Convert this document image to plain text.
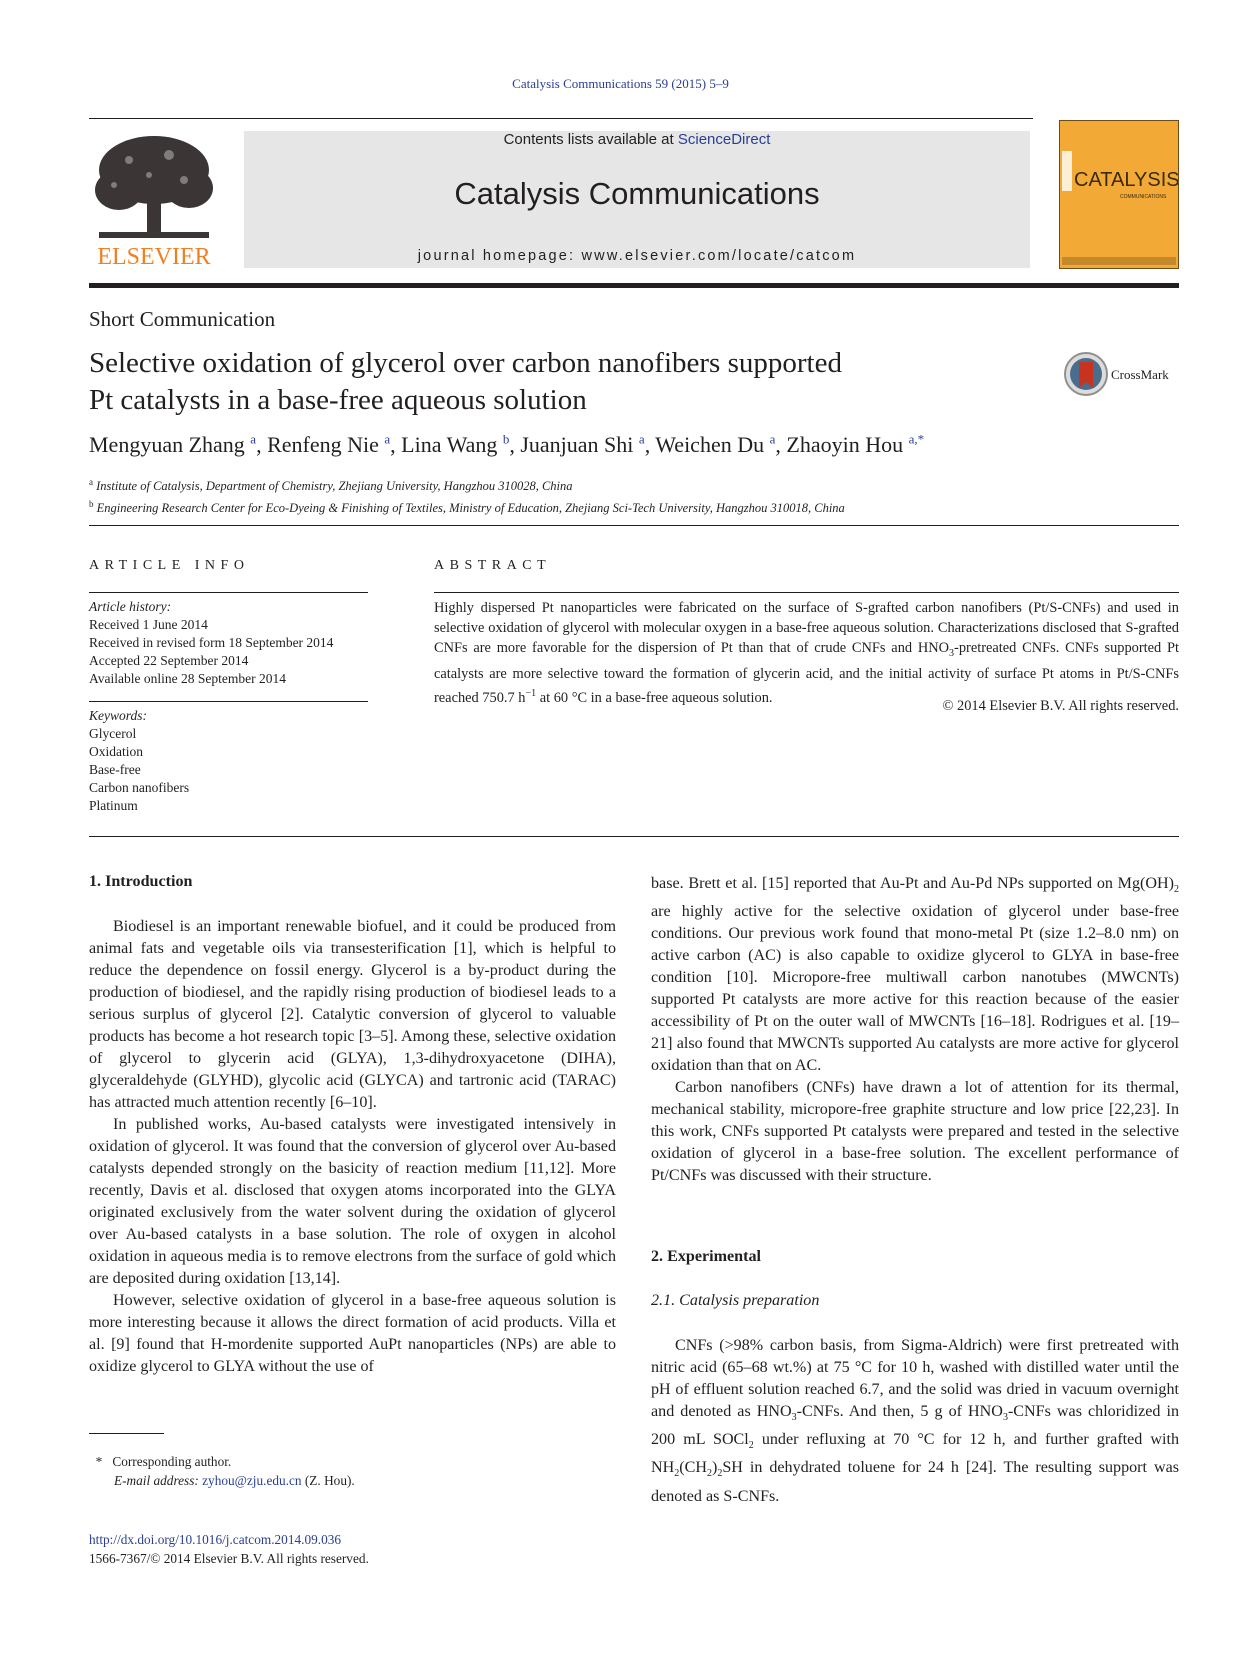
Catalysis Communications 59 (2015) 5–9
ELSEVIER
Contents lists available at ScienceDirect
Catalysis Communications
journal homepage: www.elsevier.com/locate/catcom
CATALYSIS
COMMUNICATIONS
Short Communication
Selective oxidation of glycerol over carbon nanofibers supported
Pt catalysts in a base-free aqueous solution
CrossMark
Mengyuan Zhang $^a$, Renfeng Nie $^a$, Lina Wang $^b$, Juanjuan Shi $^a$, Weichen Du $^a$, Zhaoyin Hou $^{a,*}$
$^a$ Institute of Catalysis, Department of Chemistry, Zhejiang University, Hangzhou 310028, China
$^b$ Engineering Research Center for Eco-Dyeing & Finishing of Textiles, Ministry of Education, Zhejiang Sci-Tech University, Hangzhou 310018, China
ARTICLE INFO
Article history:
Received 1 June 2014
Received in revised form 18 September 2014
Accepted 22 September 2014
Available online 28 September 2014
Keywords:
Glycerol
Oxidation
Base-free
Carbon nanofibers
Platinum
ABSTRACT
Highly dispersed Pt nanoparticles were fabricated on the surface of S-grafted carbon nanofibers (Pt/S-CNFs) and used in selective oxidation of glycerol with molecular oxygen in a base-free aqueous solution. Characterizations disclosed that S-grafted CNFs are more favorable for the dispersion of Pt than that of crude CNFs and $HNO_3$-pretreated CNFs. CNFs supported Pt catalysts are more selective toward the formation of glycerin acid, and the initial activity of surface Pt atoms in Pt/S-CNFs reached 750.7 $h^{-1}$ at 60 °C in a base-free aqueous solution.
© 2014 Elsevier B.V. All rights reserved.
1. Introduction

Biodiesel is an important renewable biofuel, and it could be produced from animal fats and vegetable oils via transesterification [1], which is helpful to reduce the dependence on fossil energy. Glycerol is a by-product during the production of biodiesel, and the rapidly rising production of biodiesel leads to a serious surplus of glycerol [2]. Catalytic conversion of glycerol to valuable products has become a hot research topic [3–5]. Among these, selective oxidation of glycerol to glycerin acid (GLYA), 1,3-dihydroxyacetone (DIHA), glyceraldehyde (GLYHD), glycolic acid (GLYCA) and tartronic acid (TARAC) has attracted much attention recently [6–10].

In published works, Au-based catalysts were investigated intensively in oxidation of glycerol. It was found that the conversion of glycerol over Au-based catalysts depended strongly on the basicity of reaction medium [11,12]. More recently, Davis et al. disclosed that oxygen atoms incorporated into the GLYA originated exclusively from the water solvent during the oxidation of glycerol over Au-based catalysts in a base solution. The role of oxygen in alcohol oxidation in aqueous media is to remove electrons from the surface of gold which are deposited during oxidation [13,14].

However, selective oxidation of glycerol in a base-free aqueous solution is more interesting because it allows the direct formation of acid products. Villa et al. [9] found that H-mordenite supported AuPt nanoparticles (NPs) are able to oxidize glycerol to GLYA without the use of

base. Brett et al. [15] reported that Au-Pt and Au-Pd NPs supported on $Mg(OH)_2$ are highly active for the selective oxidation of glycerol under base-free conditions. Our previous work found that mono-metal Pt (size 1.2–8.0 nm) on active carbon (AC) is also capable to oxidize glycerol to GLYA in base-free condition [10]. Micropore-free multiwall carbon nanotubes (MWCNTs) supported Pt catalysts are more active for this reaction because of the easier accessibility of Pt on the outer wall of MWCNTs [16–18]. Rodrigues et al. [19–21] also found that MWCNTs supported Au catalysts are more active for glycerol oxidation than that on AC.

Carbon nanofibers (CNFs) have drawn a lot of attention for its thermal, mechanical stability, micropore-free graphite structure and low price [22,23]. In this work, CNFs supported Pt catalysts were prepared and tested in the selective oxidation of glycerol in a base-free solution. The excellent performance of Pt/CNFs was discussed with their structure.

2. Experimental
2.1. Catalysis preparation

CNFs (>98% carbon basis, from Sigma-Aldrich) were first pretreated with nitric acid (65–68 wt.%) at 75 °C for 10 h, washed with distilled water until the pH of effluent solution reached 6.7, and the solid was dried in vacuum overnight and denoted as $HNO_3$-CNFs. And then, 5 g of $HNO_3$-CNFs was chloridized in 200 mL SOCl$_2$ under refluxing at 70 °C for 12 h, and further grafted with $NH_2(CH_2)_2SH$ in dehydrated toluene for 24 h [24]. The resulting support was denoted as S-CNFs.

* Corresponding author.
E-mail address: zyhou@zju.edu.cn (Z. Hou).
http://dx.doi.org/10.1016/j.catcom.2014.09.036
1566-7367/© 2014 Elsevier B.V. All rights reserved.
